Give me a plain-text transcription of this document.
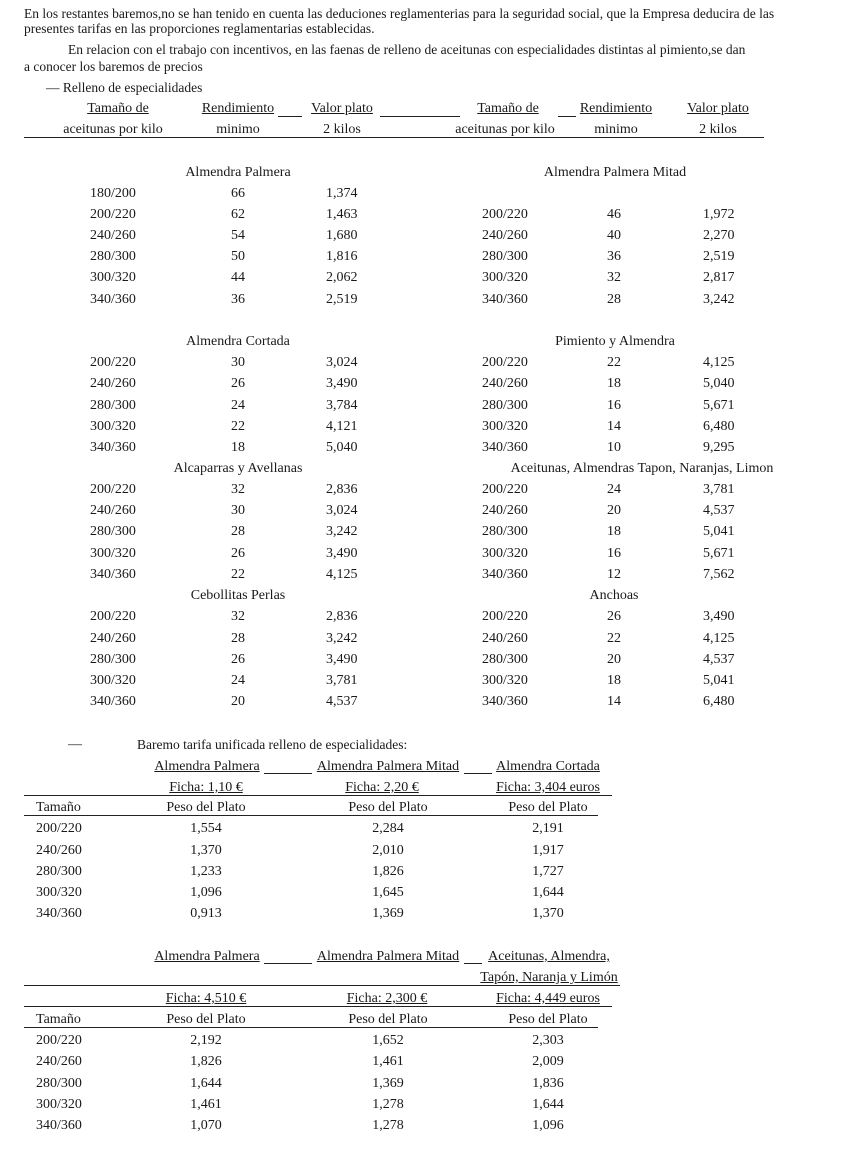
En los restantes baremos,no se han tenido en cuenta las deduciones reglamenterias para la seguridad social, que la Empresa deducira de las presentes tarifas en las proporciones reglamentarias establecidas.
En relacion con el trabajo con incentivos, en las faenas de relleno de aceitunas con especialidades distintas al pimiento,se dan
a conocer los baremos de precios
— Relleno de especialidades
Tamaño de	Rendimiento	Valor plato
aceitunas por kilo	minimo	2 kilos
Tamaño de	Rendimiento	Valor plato
aceitunas por kilo	minimo	2 kilos
Almendra Palmera
180/200	66	1,374
200/220	62	1,463
240/260	54	1,680
280/300	50	1,816
300/320	44	2,062
340/360	36	2,519
Almendra Cortada
200/220	30	3,024
240/260	26	3,490
280/300	24	3,784
300/320	22	4,121
340/360	18	5,040
Alcaparras y Avellanas
200/220	32	2,836
240/260	30	3,024
280/300	28	3,242
300/320	26	3,490
340/360	22	4,125
Cebollitas Perlas
200/220	32	2,836
240/260	28	3,242
280/300	26	3,490
300/320	24	3,781
340/360	20	4,537
Almendra Palmera Mitad
200/220	46	1,972
240/260	40	2,270
280/300	36	2,519
300/320	32	2,817
340/360	28	3,242
Pimiento y Almendra
200/220	22	4,125
240/260	18	5,040
280/300	16	5,671
300/320	14	6,480
340/360	10	9,295
Aceitunas, Almendras Tapon, Naranjas, Limon
200/220	24	3,781
240/260	20	4,537
280/300	18	5,041
300/320	16	5,671
340/360	12	7,562
Anchoas
200/220	26	3,490
240/260	22	4,125
280/300	20	4,537
300/320	18	5,041
340/360	14	6,480
—	Baremo tarifa unificada relleno de especialidades:
Almendra Palmera	Almendra Palmera Mitad	Almendra Cortada
Ficha: 1,10 €	Ficha: 2,20 €	Ficha: 3,404 euros
Tamaño	Peso del Plato	Peso del Plato	Peso del Plato
200/220	1,554	2,284	2,191
240/260	1,370	2,010	1,917
280/300	1,233	1,826	1,727
300/320	1,096	1,645	1,644
340/360	0,913	1,369	1,370
Almendra Palmera	Almendra Palmera Mitad	Aceitunas, Almendra,
Tapón, Naranja y Limón
Ficha: 4,510 €	Ficha: 2,300 €	Ficha: 4,449 euros
Tamaño	Peso del Plato	Peso del Plato	Peso del Plato
200/220	2,192	1,652	2,303
240/260	1,826	1,461	2,009
280/300	1,644	1,369	1,836
300/320	1,461	1,278	1,644
340/360	1,070	1,278	1,096
